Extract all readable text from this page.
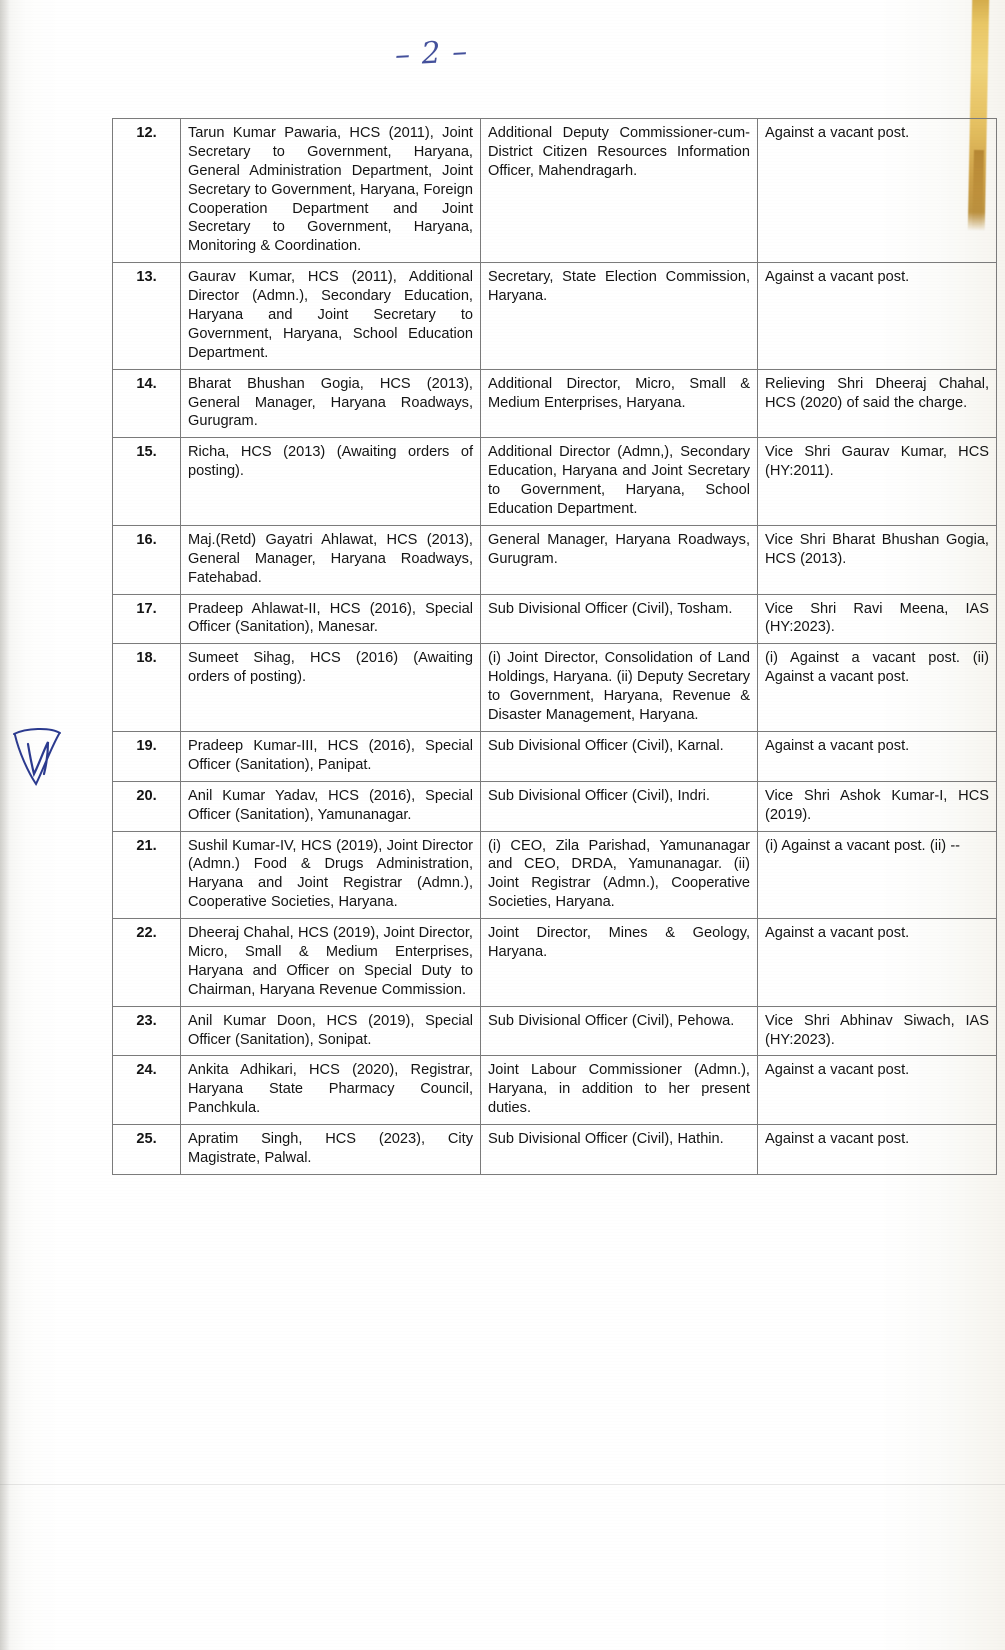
– 2 –

12.	Tarun Kumar Pawaria, HCS (2011), Joint Secretary to Government, Haryana, General Administration Department, Joint Secretary to Government, Haryana, Foreign Cooperation Department and Joint Secretary to Government, Haryana, Monitoring & Coordination.	Additional Deputy Commissioner-cum-District Citizen Resources Information Officer, Mahendragarh.	Against a vacant post.

13.	Gaurav Kumar, HCS (2011), Additional Director (Admn.), Secondary Education, Haryana and Joint Secretary to Government, Haryana, School Education Department.	Secretary, State Election Commission, Haryana.	Against a vacant post.

14.	Bharat Bhushan Gogia, HCS (2013), General Manager, Haryana Roadways, Gurugram.	Additional Director, Micro, Small & Medium Enterprises, Haryana.	Relieving Shri Dheeraj Chahal, HCS (2020) of said the charge.

15.	Richa, HCS (2013) (Awaiting orders of posting).	Additional Director (Admn,), Secondary Education, Haryana and Joint Secretary to Government, Haryana, School Education Department.	Vice Shri Gaurav Kumar, HCS (HY:2011).

16.	Maj.(Retd) Gayatri Ahlawat, HCS (2013), General Manager, Haryana Roadways, Fatehabad.	General Manager, Haryana Roadways, Gurugram.	Vice Shri Bharat Bhushan Gogia, HCS (2013).

17.	Pradeep Ahlawat-II, HCS (2016), Special Officer (Sanitation), Manesar.	Sub Divisional Officer (Civil), Tosham.	Vice Shri Ravi Meena, IAS (HY:2023).

18.	Sumeet Sihag, HCS (2016) (Awaiting orders of posting).	(i) Joint Director, Consolidation of Land Holdings, Haryana. (ii) Deputy Secretary to Government, Haryana, Revenue & Disaster Management, Haryana.	(i) Against a vacant post. (ii) Against a vacant post.

19.	Pradeep Kumar-III, HCS (2016), Special Officer (Sanitation), Panipat.	Sub Divisional Officer (Civil), Karnal.	Against a vacant post.

20.	Anil Kumar Yadav, HCS (2016), Special Officer (Sanitation), Yamunanagar.	Sub Divisional Officer (Civil), Indri.	Vice Shri Ashok Kumar-I, HCS (2019).

21.	Sushil Kumar-IV, HCS (2019), Joint Director (Admn.) Food & Drugs Administration, Haryana and Joint Registrar (Admn.), Cooperative Societies, Haryana.	(i) CEO, Zila Parishad, Yamunanagar and CEO, DRDA, Yamunanagar. (ii) Joint Registrar (Admn.), Cooperative Societies, Haryana.	(i) Against a vacant post. (ii) --

22.	Dheeraj Chahal, HCS (2019), Joint Director, Micro, Small & Medium Enterprises, Haryana and Officer on Special Duty to Chairman, Haryana Revenue Commission.	Joint Director, Mines & Geology, Haryana.	Against a vacant post.

23.	Anil Kumar Doon, HCS (2019), Special Officer (Sanitation), Sonipat.	Sub Divisional Officer (Civil), Pehowa.	Vice Shri Abhinav Siwach, IAS (HY:2023).

24.	Ankita Adhikari, HCS (2020), Registrar, Haryana State Pharmacy Council, Panchkula.	Joint Labour Commissioner (Admn.), Haryana, in addition to her present duties.	Against a vacant post.

25.	Apratim Singh, HCS (2023), City Magistrate, Palwal.	Sub Divisional Officer (Civil), Hathin.	Against a vacant post.
